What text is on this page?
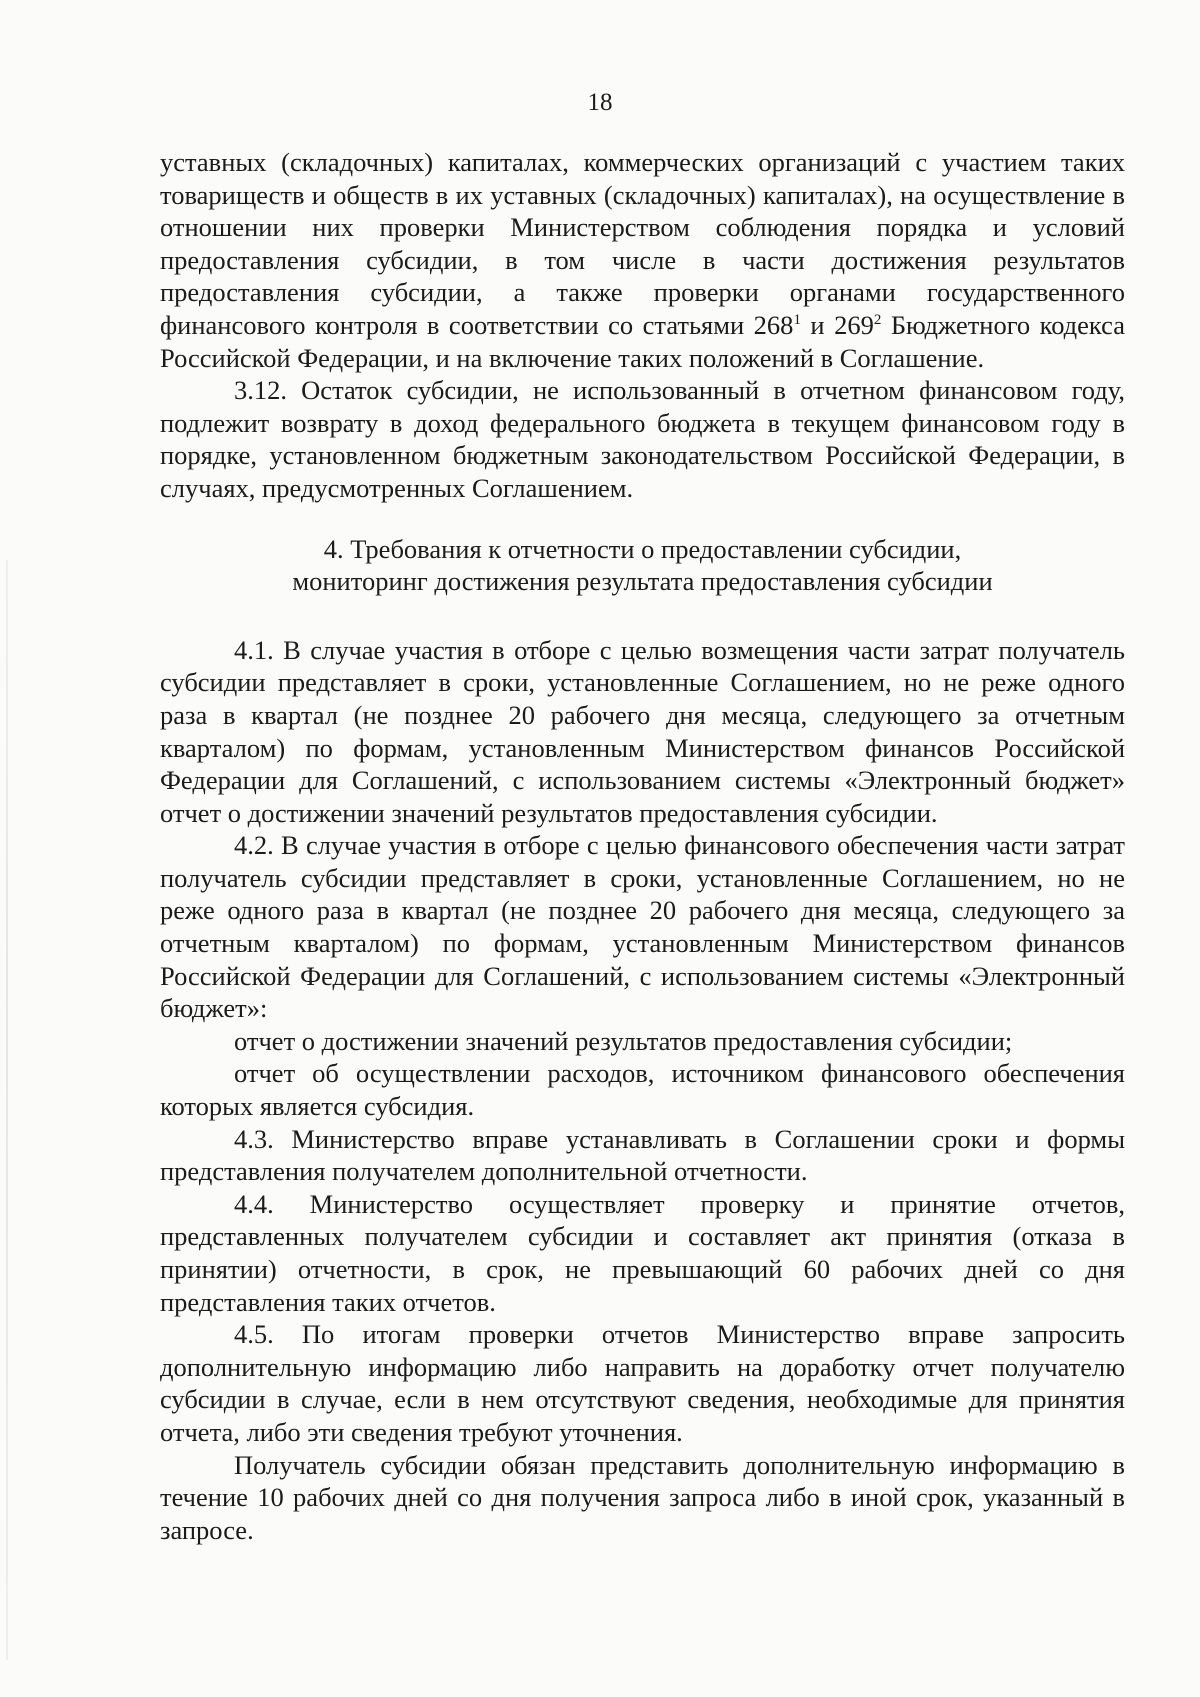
18

уставных (складочных) капиталах, коммерческих организаций с участием таких товариществ и обществ в их уставных (складочных) капиталах), на осуществление в отношении них проверки Министерством соблюдения порядка и условий предоставления субсидии, в том числе в части достижения результатов предоставления субсидии, а также проверки органами государственного финансового контроля в соответствии со статьями $268^1$ и $269^2$ Бюджетного кодекса Российской Федерации, и на включение таких положений в Соглашение.

3.12. Остаток субсидии, не использованный в отчетном финансовом году, подлежит возврату в доход федерального бюджета в текущем финансовом году в порядке, установленном бюджетным законодательством Российской Федерации, в случаях, предусмотренных Соглашением.

4. Требования к отчетности о предоставлении субсидии,
мониторинг достижения результата предоставления субсидии

4.1. В случае участия в отборе с целью возмещения части затрат получатель субсидии представляет в сроки, установленные Соглашением, но не реже одного раза в квартал (не позднее 20 рабочего дня месяца, следующего за отчетным кварталом) по формам, установленным Министерством финансов Российской Федерации для Соглашений, с использованием системы «Электронный бюджет» отчет о достижении значений результатов предоставления субсидии.

4.2. В случае участия в отборе с целью финансового обеспечения части затрат получатель субсидии представляет в сроки, установленные Соглашением, но не реже одного раза в квартал (не позднее 20 рабочего дня месяца, следующего за отчетным кварталом) по формам, установленным Министерством финансов Российской Федерации для Соглашений, с использованием системы «Электронный бюджет»:

отчет о достижении значений результатов предоставления субсидии;

отчет об осуществлении расходов, источником финансового обеспечения которых является субсидия.

4.3. Министерство вправе устанавливать в Соглашении сроки и формы представления получателем дополнительной отчетности.

4.4. Министерство осуществляет проверку и принятие отчетов, представленных получателем субсидии и составляет акт принятия (отказа в принятии) отчетности, в срок, не превышающий 60 рабочих дней со дня представления таких отчетов.

4.5. По итогам проверки отчетов Министерство вправе запросить дополнительную информацию либо направить на доработку отчет получателю субсидии в случае, если в нем отсутствуют сведения, необходимые для принятия отчета, либо эти сведения требуют уточнения.

Получатель субсидии обязан представить дополнительную информацию в течение 10 рабочих дней со дня получения запроса либо в иной срок, указанный в запросе.
